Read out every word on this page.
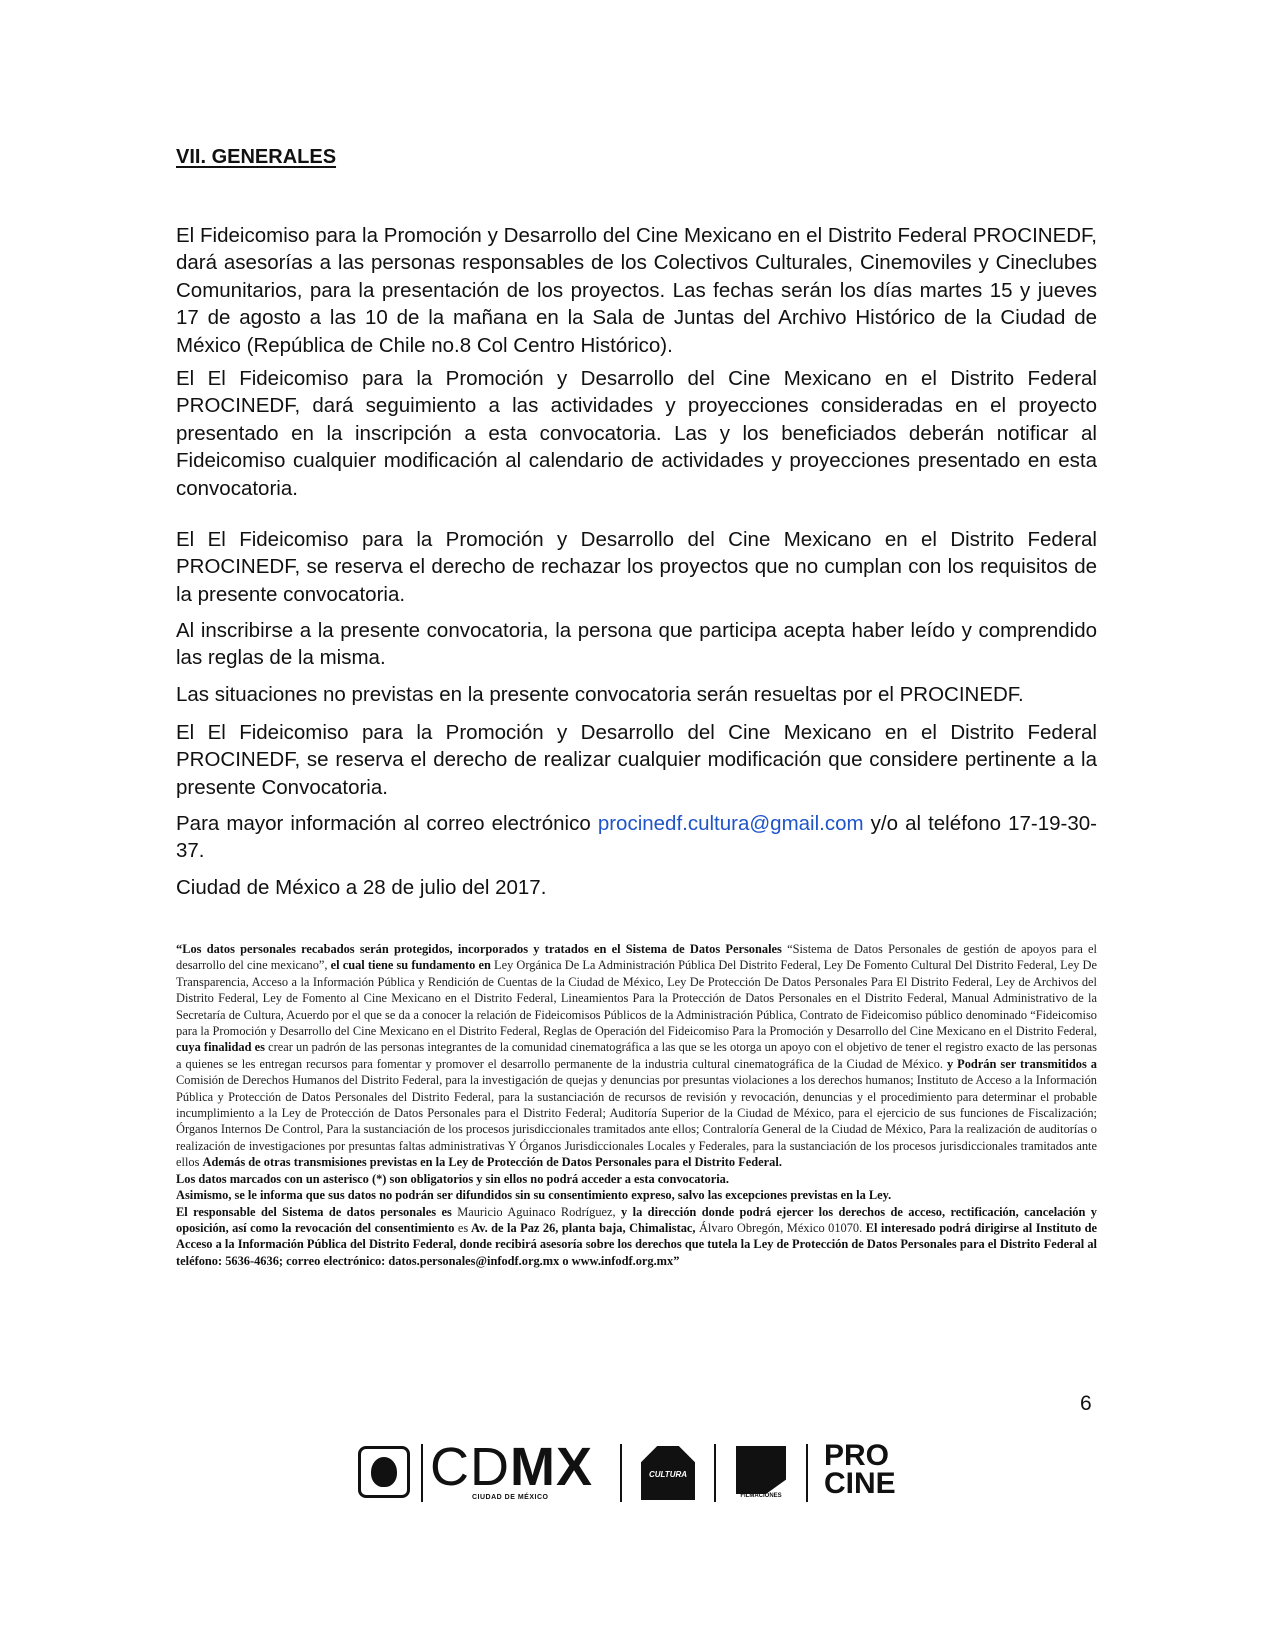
VII. GENERALES

El Fideicomiso para la Promoción y Desarrollo del Cine Mexicano en el Distrito Federal PROCINEDF, dará asesorías a las personas responsables de los Colectivos Culturales, Cinemoviles y Cineclubes Comunitarios, para la presentación de los proyectos. Las fechas serán los días martes 15 y jueves 17 de agosto a las 10 de la mañana en la Sala de Juntas del Archivo Histórico de la Ciudad de México (República de Chile no.8 Col Centro Histórico).

El El Fideicomiso para la Promoción y Desarrollo del Cine Mexicano en el Distrito Federal PROCINEDF, dará seguimiento a las actividades y proyecciones consideradas en el proyecto presentado en la inscripción a esta convocatoria. Las y los beneficiados deberán notificar al Fideicomiso cualquier modificación al calendario de actividades y proyecciones presentado en esta convocatoria.

El El Fideicomiso para la Promoción y Desarrollo del Cine Mexicano en el Distrito Federal PROCINEDF, se reserva el derecho de rechazar los proyectos que no cumplan con los requisitos de la presente convocatoria.

Al inscribirse a la presente convocatoria, la persona que participa acepta haber leído y comprendido las reglas de la misma.

Las situaciones no previstas en la presente convocatoria serán resueltas por el PROCINEDF.

El El Fideicomiso para la Promoción y Desarrollo del Cine Mexicano en el Distrito Federal PROCINEDF, se reserva el derecho de realizar cualquier modificación que considere pertinente a la presente Convocatoria.

Para mayor información al correo electrónico procinedf.cultura@gmail.com y/o al teléfono 17-19-30-37.

Ciudad de México a 28 de julio del 2017.

“Los datos personales recabados serán protegidos, incorporados y tratados en el Sistema de Datos Personales “Sistema de Datos Personales de gestión de apoyos para el desarrollo del cine mexicano”, el cual tiene su fundamento en Ley Orgánica De La Administración Pública Del Distrito Federal, Ley De Fomento Cultural Del Distrito Federal, Ley De Transparencia, Acceso a la Información Pública y Rendición de Cuentas de la Ciudad de México, Ley De Protección De Datos Personales Para El Distrito Federal, Ley de Archivos del Distrito Federal, Ley de Fomento al Cine Mexicano en el Distrito Federal, Lineamientos Para la Protección de Datos Personales en el Distrito Federal, Manual Administrativo de la Secretaría de Cultura, Acuerdo por el que se da a conocer la relación de Fideicomisos Públicos de la Administración Pública, Contrato de Fideicomiso público denominado “Fideicomiso para la Promoción y Desarrollo del Cine Mexicano en el Distrito Federal, Reglas de Operación del Fideicomiso Para la Promoción y Desarrollo del Cine Mexicano en el Distrito Federal, cuya finalidad es crear un padrón de las personas integrantes de la comunidad cinematográfica a las que se les otorga un apoyo con el objetivo de tener el registro exacto de las personas a quienes se les entregan recursos para fomentar y promover el desarrollo permanente de la industria cultural cinematográfica de la Ciudad de México. y Podrán ser transmitidos a Comisión de Derechos Humanos del Distrito Federal, para la investigación de quejas y denuncias por presuntas violaciones a los derechos humanos; Instituto de Acceso a la Información Pública y Protección de Datos Personales del Distrito Federal, para la sustanciación de recursos de revisión y revocación, denuncias y el procedimiento para determinar el probable incumplimiento a la Ley de Protección de Datos Personales para el Distrito Federal; Auditoría Superior de la Ciudad de México, para el ejercicio de sus funciones de Fiscalización; Órganos Internos De Control, Para la sustanciación de los procesos jurisdiccionales tramitados ante ellos; Contraloría General de la Ciudad de México, Para la realización de auditorías o realización de investigaciones por presuntas faltas administrativas Y Órganos Jurisdiccionales Locales y Federales, para la sustanciación de los procesos jurisdiccionales tramitados ante ellos Además de otras transmisiones previstas en la Ley de Protección de Datos Personales para el Distrito Federal.

Los datos marcados con un asterisco (*) son obligatorios y sin ellos no podrá acceder a esta convocatoria.

Asimismo, se le informa que sus datos no podrán ser difundidos sin su consentimiento expreso, salvo las excepciones previstas en la Ley.

El responsable del Sistema de datos personales es Mauricio Aguinaco Rodríguez, y la dirección donde podrá ejercer los derechos de acceso, rectificación, cancelación y oposición, así como la revocación del consentimiento es Av. de la Paz 26, planta baja, Chimalistac, Álvaro Obregón, México 01070. El interesado podrá dirigirse al Instituto de Acceso a la Información Pública del Distrito Federal, donde recibirá asesoría sobre los derechos que tutela la Ley de Protección de Datos Personales para el Distrito Federal al teléfono: 5636-4636; correo electrónico: datos.personales@infodf.org.mx o www.infodf.org.mx”

6

CDMX
CIUDAD DE MÉXICO
CULTURA
FILMACIONES
PRO
CINE
